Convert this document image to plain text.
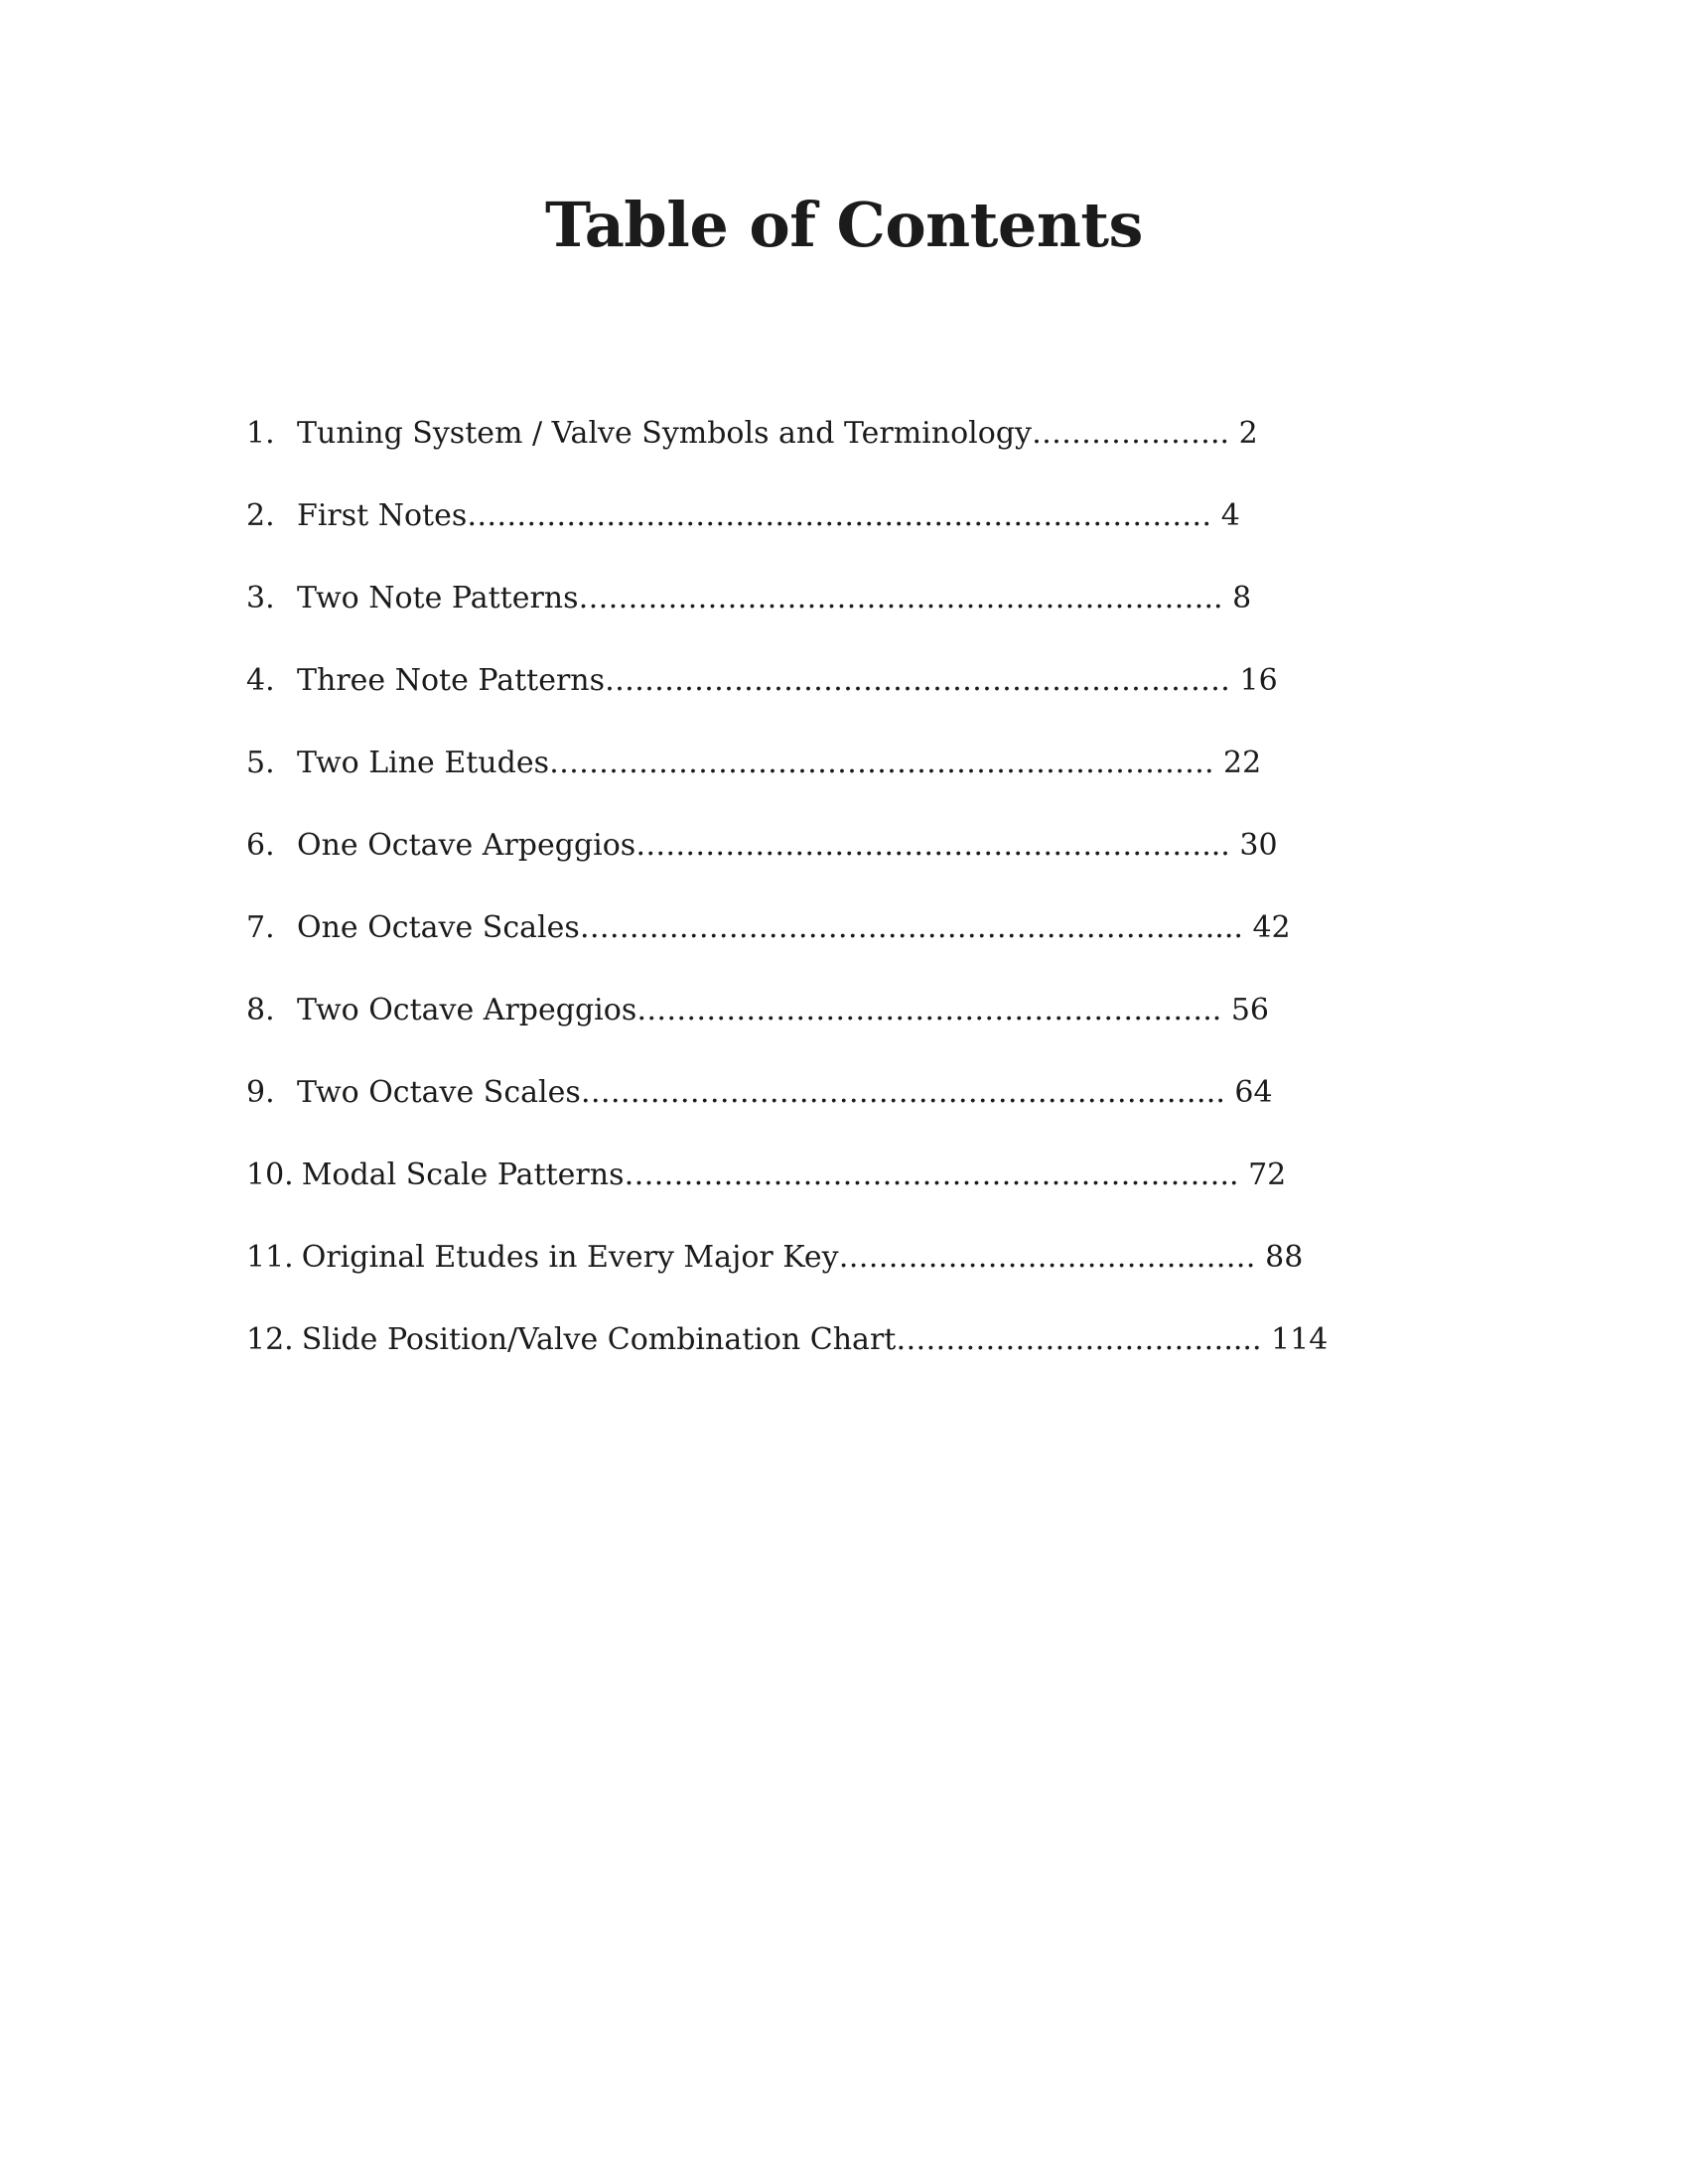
Table of Contents
1. Tuning System / Valve Symbols and Terminology……………….. 2
2. First Notes………………………………………………………………… 4
3. Two Note Patterns……………………………………………………….. 8
4. Three Note Patterns……………………………………………………… 16
5. Two Line Etudes…………………………………………………………. 22
6. One Octave Arpeggios…………………………………………………... 30
7. One Octave Scales……………………………………………………….... 42
8. Two Octave Arpeggios………………………………………………….. 56
9. Two Octave Scales……………………………………………………….. 64
10. Modal Scale Patterns…………………………………………………….. 72
11. Original Etudes in Every Major Key…………………………………… 88
12. Slide Position/Valve Combination Chart…………………………….... 114
